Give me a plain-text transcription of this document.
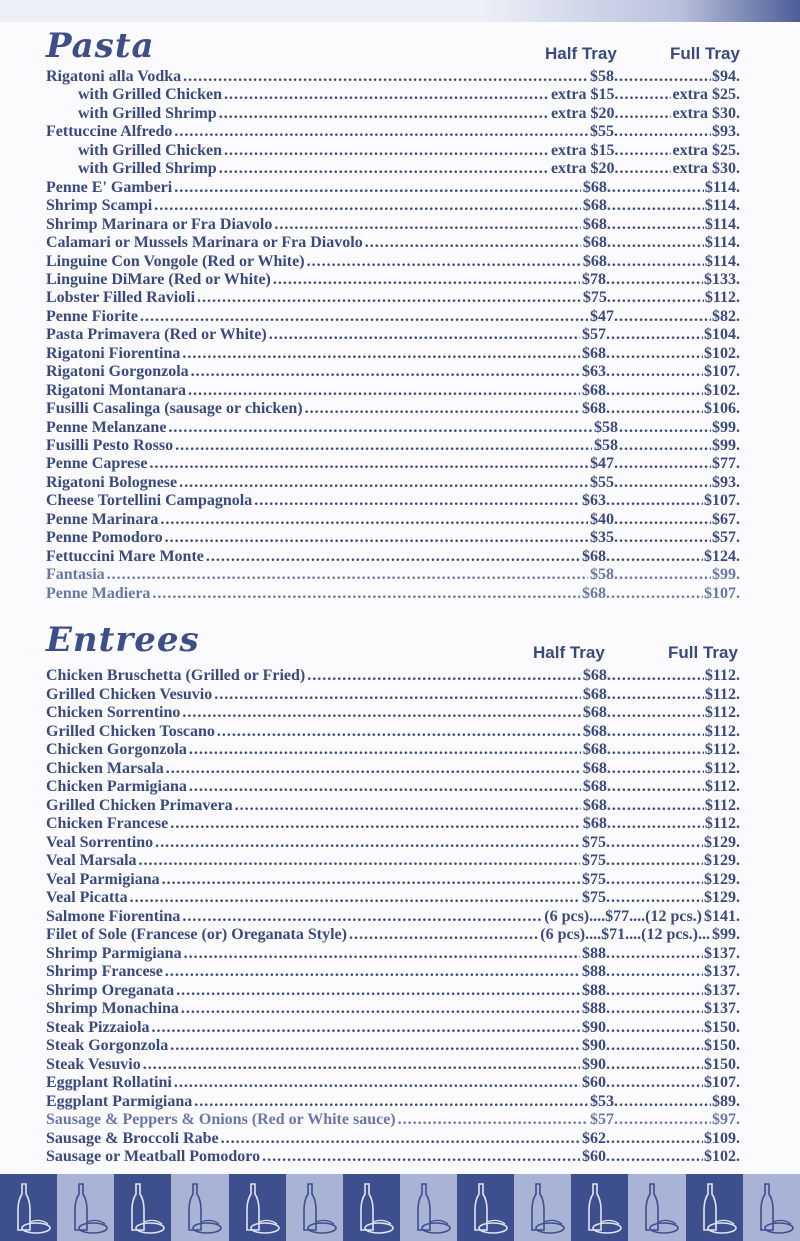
Pasta	Half Tray	Full Tray
Rigatoni alla Vodka .....	$58. .....	$94.
with Grilled Chicken .....	extra $15. .....	extra $25.
with Grilled Shrimp .....	extra $20. .....	extra $30.
Fettuccine Alfredo .....	$55. .....	$93.
with Grilled Chicken .....	extra $15. .....	extra $25.
with Grilled Shrimp .....	extra $20. .....	extra $30.
Penne E' Gamberi .....	$68. .....	$114.
Shrimp Scampi .....	$68. .....	$114.
Shrimp Marinara or Fra Diavolo .....	$68. .....	$114.
Calamari or Mussels Marinara or Fra Diavolo .....	$68. .....	$114.
Linguine Con Vongole (Red or White) .....	$68. .....	$114.
Linguine DiMare (Red or White) .....	$78. .....	$133.
Lobster Filled Ravioli .....	$75. .....	$112.
Penne Fiorite .....	$47. .....	$82.
Pasta Primavera (Red or White) .....	$57. .....	$104.
Rigatoni Fiorentina .....	$68. .....	$102.
Rigatoni Gorgonzola .....	$63. .....	$107.
Rigatoni Montanara .....	$68. .....	$102.
Fusilli Casalinga (sausage or chicken) .....	$68. .....	$106.
Penne Melanzane .....	$58 .....	$99.
Fusilli Pesto Rosso .....	$58 .....	$99.
Penne Caprese .....	$47. .....	$77.
Rigatoni Bolognese .....	$55. .....	$93.
Cheese Tortellini Campagnola .....	$63. .....	$107.
Penne Marinara .....	$40. .....	$67.
Penne Pomodoro .....	$35. .....	$57.
Fettuccini Mare Monte .....	$68. .....	$124.
Fantasia .....	$58. .....	$99.
Penne Madiera .....	$68. .....	$107.
Entrees	Half Tray	Full Tray
Chicken Bruschetta (Grilled or Fried) .....	$68. .....	$112.
Grilled Chicken Vesuvio .....	$68. .....	$112.
Chicken Sorrentino .....	$68. .....	$112.
Grilled Chicken Toscano .....	$68. .....	$112.
Chicken Gorgonzola .....	$68. .....	$112.
Chicken Marsala .....	$68. .....	$112.
Chicken Parmigiana .....	$68. .....	$112.
Grilled Chicken Primavera .....	$68. .....	$112.
Chicken Francese .....	$68. .....	$112.
Veal Sorrentino .....	$75. .....	$129.
Veal Marsala .....	$75. .....	$129.
Veal Parmigiana .....	$75. .....	$129.
Veal Picatta .....	$75. .....	$129.
Salmone Fiorentina .....	(6 pcs)....$77....(12 pcs.) $141.
Filet of Sole (Francese (or) Oreganata Style) .....	(6 pcs)....$71....(12 pcs.)... $99.
Shrimp Parmigiana .....	$88. .....	$137.
Shrimp Francese .....	$88. .....	$137.
Shrimp Oreganata .....	$88. .....	$137.
Shrimp Monachina .....	$88. .....	$137.
Steak Pizzaiola .....	$90. .....	$150.
Steak Gorgonzola .....	$90. .....	$150.
Steak Vesuvio .....	$90. .....	$150.
Eggplant Rollatini .....	$60. .....	$107.
Eggplant Parmigiana .....	$53. .....	$89.
Sausage & Peppers & Onions (Red or White sauce) .....	$57. .....	$97.
Sausage & Broccoli Rabe .....	$62. .....	$109.
Sausage or Meatball Pomodoro .....	$60. .....	$102.
